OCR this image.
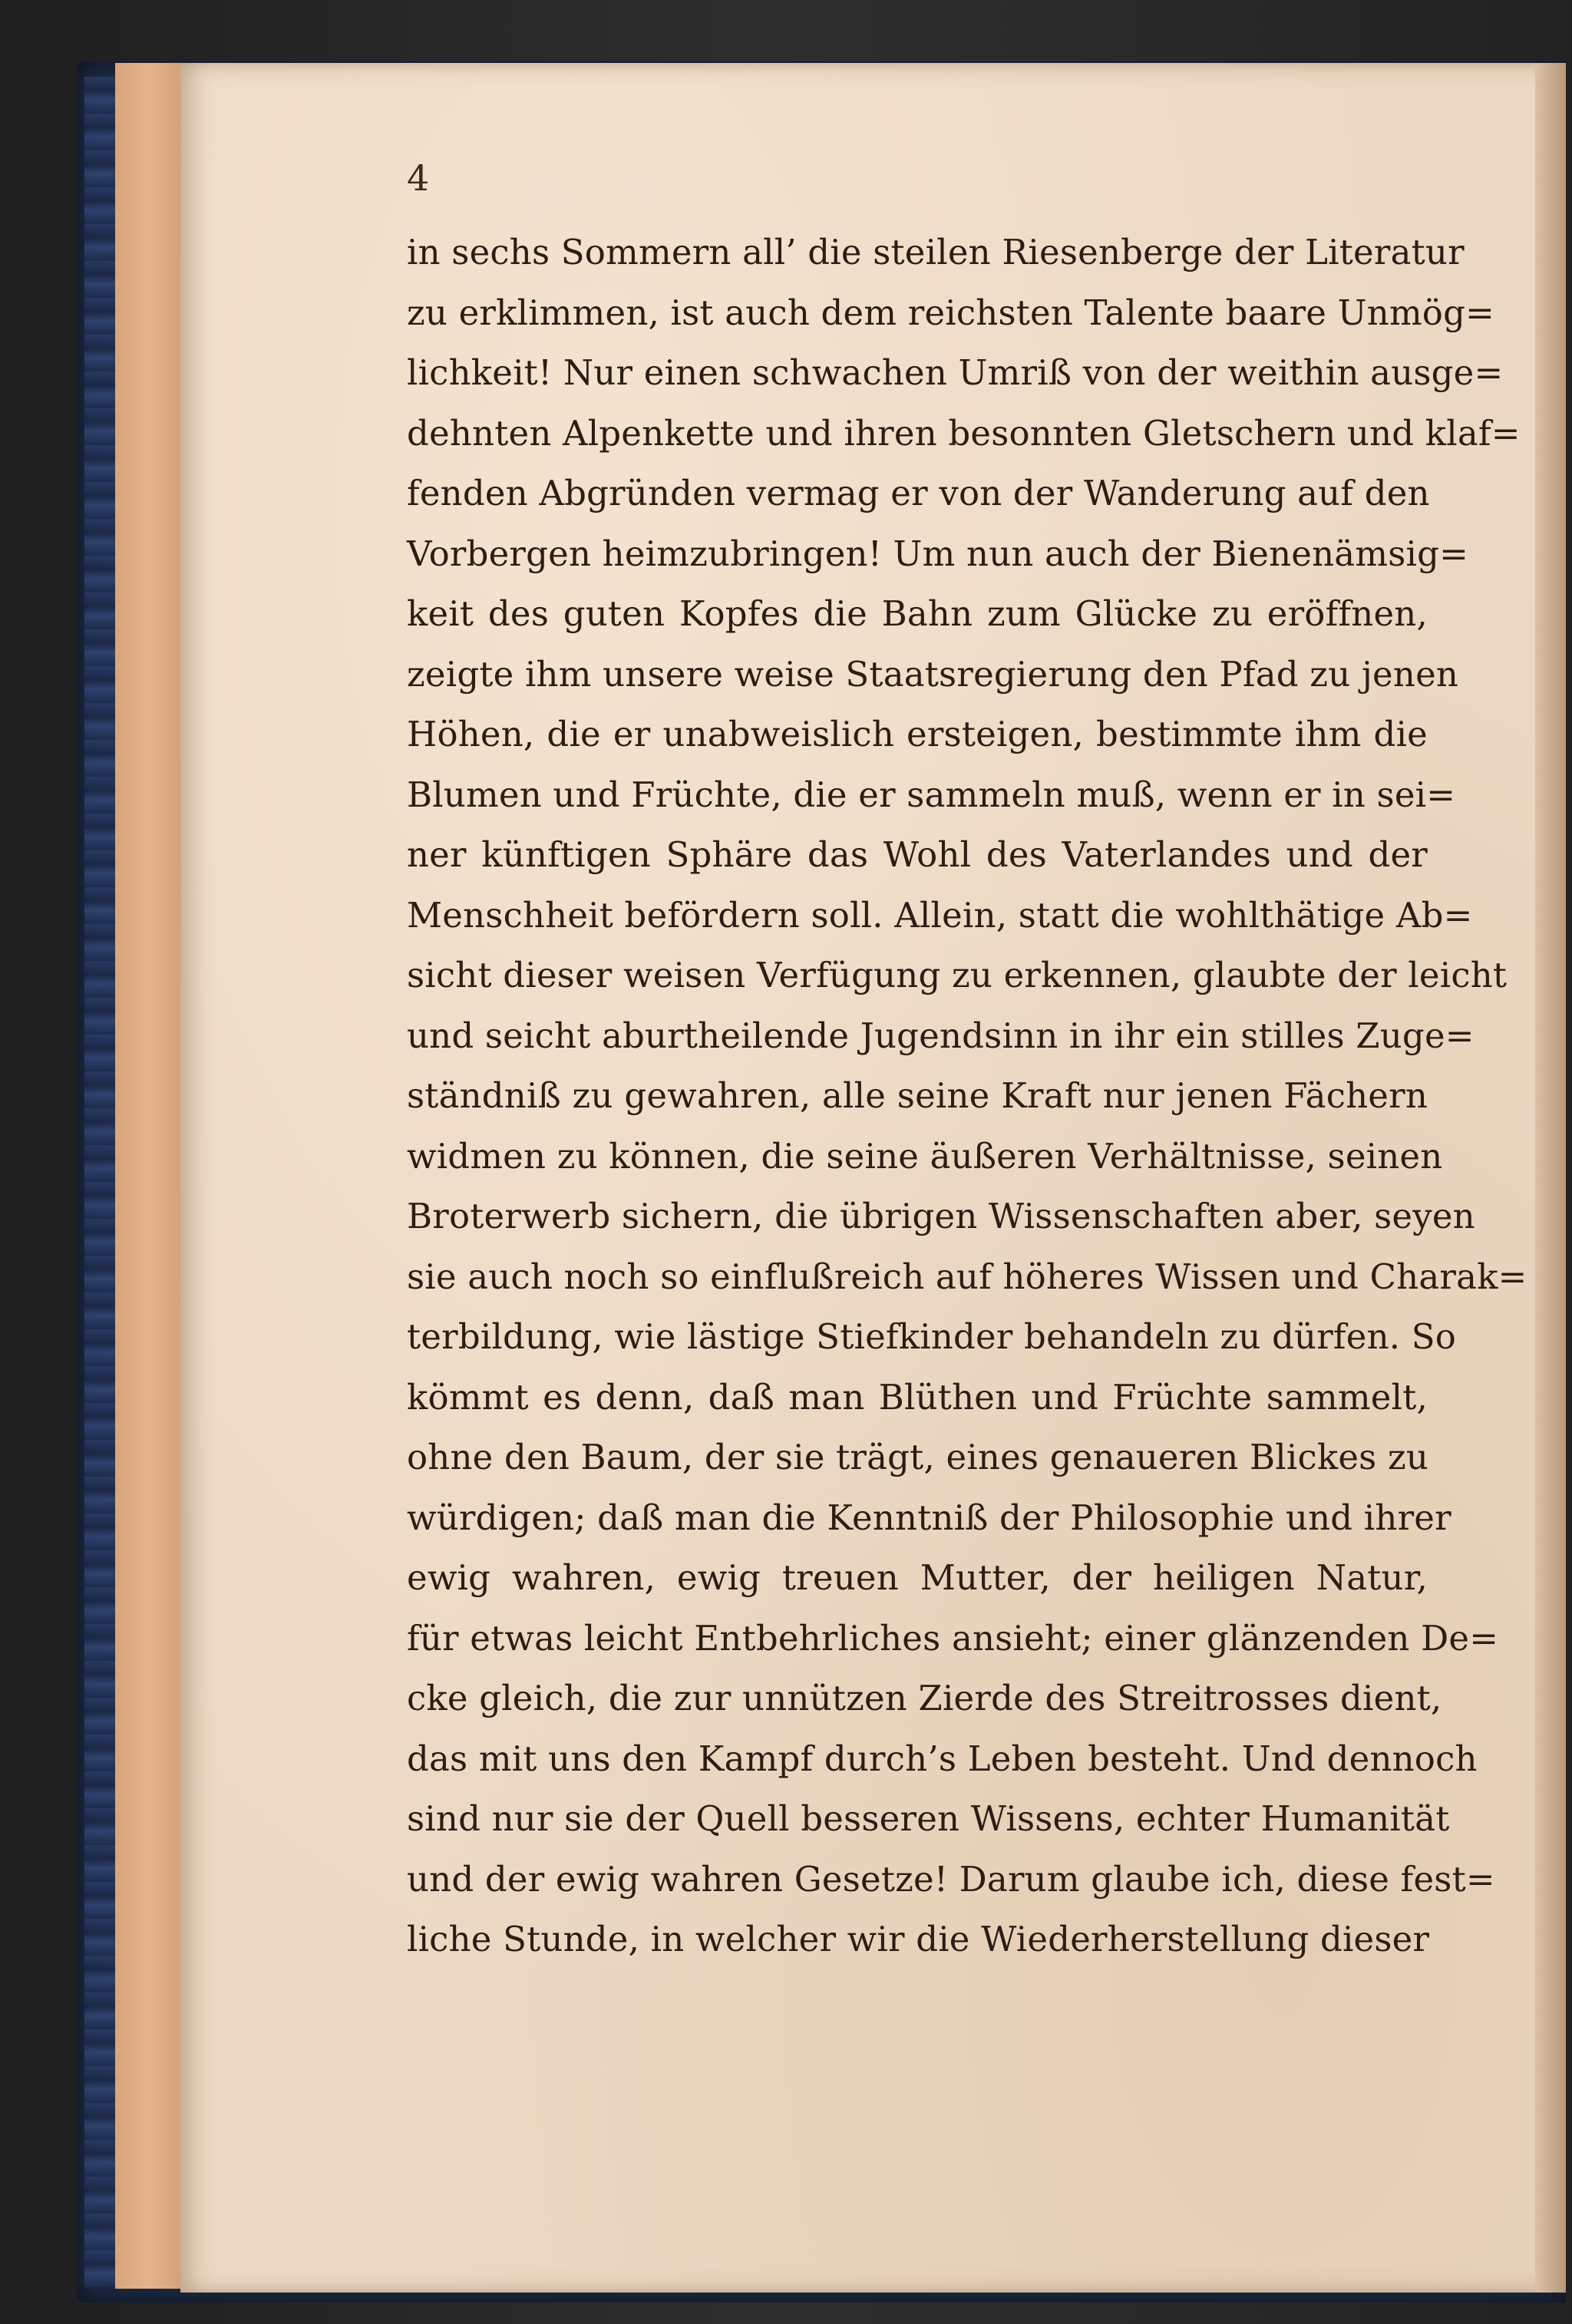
4

in sechs Sommern all’ die steilen Riesenberge der Literatur
zu erklimmen, ist auch dem reichsten Talente baare Unmög=
lichkeit! Nur einen schwachen Umriß von der weithin ausge=
dehnten Alpenkette und ihren besonnten Gletschern und klaf=
fenden Abgründen vermag er von der Wanderung auf den
Vorbergen heimzubringen! Um nun auch der Bienenämsig=
keit des guten Kopfes die Bahn zum Glücke zu eröffnen,
zeigte ihm unsere weise Staatsregierung den Pfad zu jenen
Höhen, die er unabweislich ersteigen, bestimmte ihm die
Blumen und Früchte, die er sammeln muß, wenn er in sei=
ner künftigen Sphäre das Wohl des Vaterlandes und der
Menschheit befördern soll. Allein, statt die wohlthätige Ab=
sicht dieser weisen Verfügung zu erkennen, glaubte der leicht
und seicht aburtheilende Jugendsinn in ihr ein stilles Zuge=
ständniß zu gewahren, alle seine Kraft nur jenen Fächern
widmen zu können, die seine äußeren Verhältnisse, seinen
Broterwerb sichern, die übrigen Wissenschaften aber, seyen
sie auch noch so einflußreich auf höheres Wissen und Charak=
terbildung, wie lästige Stiefkinder behandeln zu dürfen. So
kömmt es denn, daß man Blüthen und Früchte sammelt,
ohne den Baum, der sie trägt, eines genaueren Blickes zu
würdigen; daß man die Kenntniß der Philosophie und ihrer
ewig wahren, ewig treuen Mutter, der heiligen Natur,
für etwas leicht Entbehrliches ansieht; einer glänzenden De=
cke gleich, die zur unnützen Zierde des Streitrosses dient,
das mit uns den Kampf durch’s Leben besteht. Und dennoch
sind nur sie der Quell besseren Wissens, echter Humanität
und der ewig wahren Gesetze! Darum glaube ich, diese fest=
liche Stunde, in welcher wir die Wiederherstellung dieser
